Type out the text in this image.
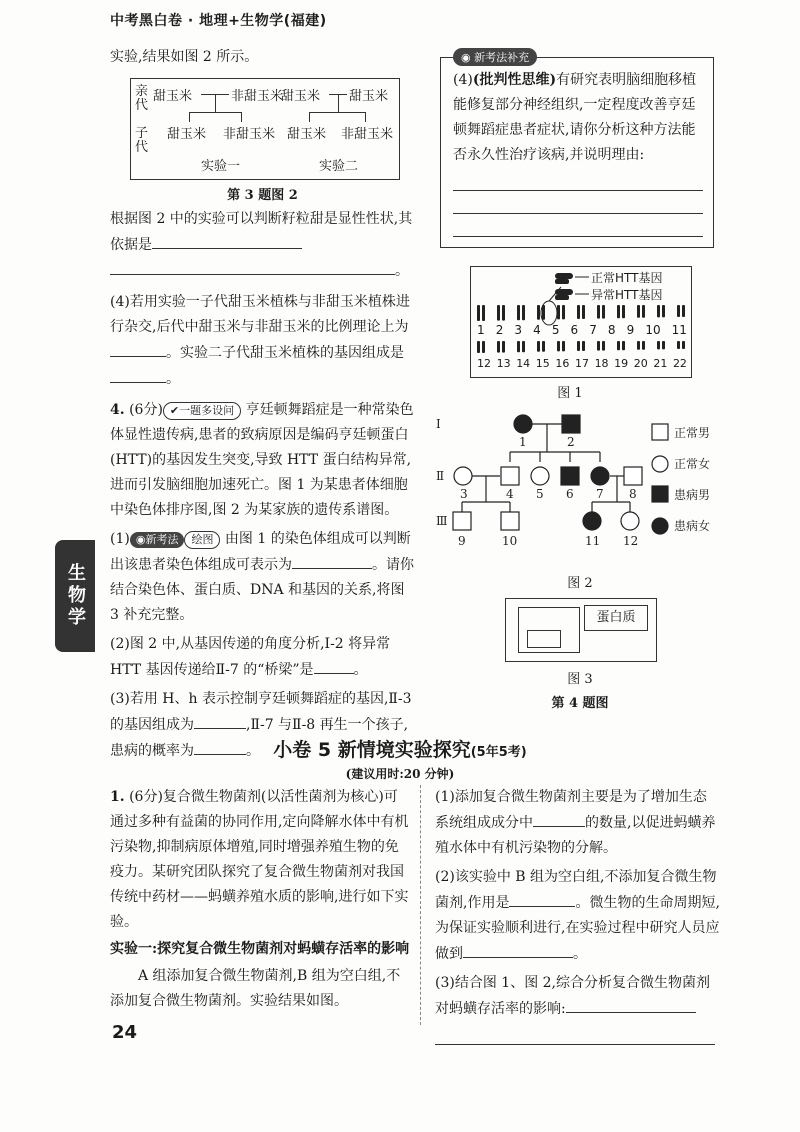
中考黑白卷 · 地理+生物学(福建)
生物学

实验,结果如图 2 所示。

亲代
子代
甜玉米	非甜玉米
甜玉米 非甜玉米
实验一
甜玉米 甜玉米
甜玉米 非甜玉米
实验二
第 3 题图 2

根据图 2 中的实验可以判断籽粒甜是显性性状,其依据是

。

(4)若用实验一子代甜玉米植株与非甜玉米植株进行杂交,后代中甜玉米与非甜玉米的比例理论上为。实验二子代甜玉米植株的基因组成是。

4. (6分) ✔一题多设问 亨廷顿舞蹈症是一种常染色体显性遗传病,患者的致病原因是编码亨廷顿蛋白(HTT)的基因发生突变,导致 HTT 蛋白结构异常,进而引发脑细胞加速死亡。图 1 为某患者体细胞中染色体排序图,图 2 为某家族的遗传系谱图。

(1) ◉新考法 绘图 由图 1 的染色体组成可以判断出该患者染色体组成可表示为	。请你结合染色体、蛋白质、DNA 和基因的关系,将图 3 补充完整。

(2)图 2 中,从基因传递的角度分析,Ⅰ-2 将异常 HTT 基因传递给Ⅱ-7 的“桥梁”是	。

(3)若用 H、h 表示控制亨廷顿舞蹈症的基因,Ⅱ-3 的基因组成为	,Ⅱ-7 与Ⅱ-8 再生一个孩子,患病的概率为	。

◉ 新考法补充

(4)(批判性思维)有研究表明脑细胞移植能修复部分神经组织,一定程度改善亨廷顿舞蹈症患者症状,请你分析这种方法能否永久性治疗该病,并说明理由:

正常HTT基因
异常HTT基因
1 2 3 4 5 6 7 8 9 10 11
12 13 14 15 16 17 18 19 20 21 22
图 1
Ⅰ
Ⅱ
Ⅲ
1	2
3	4 5 6 7 8
9	10	11 12
正常男
正常女
患病男
患病女
图 2
蛋白质
图 3
第 4 题图
小卷 5 新情境实验探究(5年5考)
(建议用时:20 分钟)

1. (6分)复合微生物菌剂(以活性菌剂为核心)可通过多种有益菌的协同作用,定向降解水体中有机污染物,抑制病原体增殖,同时增强养殖生物的免疫力。某研究团队探究了复合微生物菌剂对我国传统中药材——蚂蟥养殖水质的影响,进行如下实验。

实验一:探究复合微生物菌剂对蚂蟥存活率的影响

A 组添加复合微生物菌剂,B 组为空白组,不添加复合微生物菌剂。实验结果如图。

(1)添加复合微生物菌剂主要是为了增加生态系统组成成分中	的数量,以促进蚂蟥养殖水体中有机污染物的分解。

(2)该实验中 B 组为空白组,不添加复合微生物菌剂,作用是	。微生物的生命周期短,为保证实验顺利进行,在实验过程中研究人员应做到	。

(3)结合图 1、图 2,综合分析复合微生物菌剂对蚂蟥存活率的影响:

24
